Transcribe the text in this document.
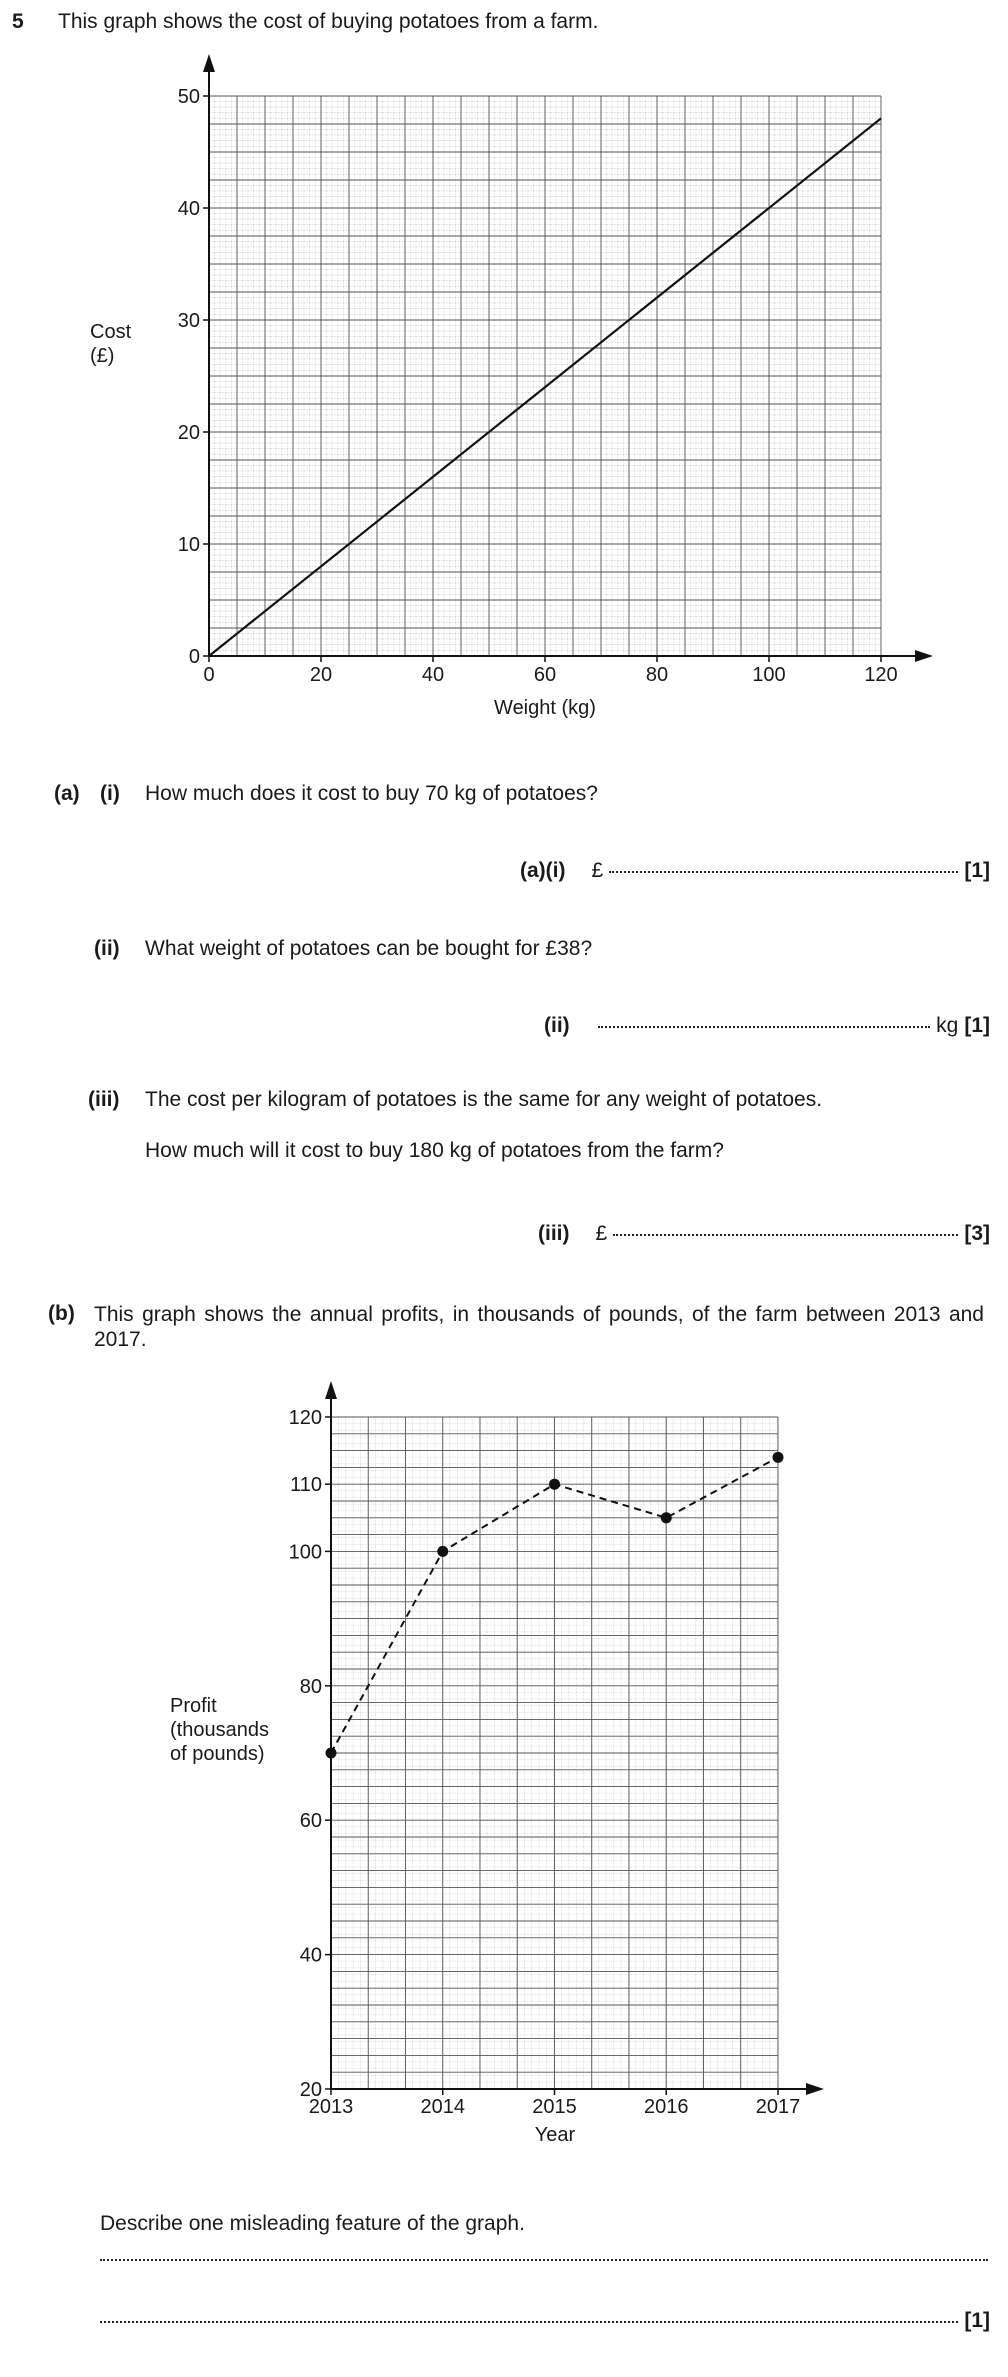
5 This graph shows the cost of buying potatoes from a farm.
0	20	40	60	80	100	120
0
10
20
30
40
50
Weight (kg)
Cost
(£)
(a) (i) How much does it cost to buy 70 kg of potatoes?
(a)(i) £	[1]
(ii) What weight of potatoes can be bought for £38?
(ii)	kg [1]
(iii) The cost per kilogram of potatoes is the same for any weight of potatoes.
How much will it cost to buy 180 kg of potatoes from the farm?
(iii) £	[3]
(b) This graph shows the annual profits, in thousands of pounds, of the farm between 2013 and 2017.
2013	2014	2015	2016	2017
20
40
60
80
100
110
120
Year
Profit
(thousands
of pounds)
Describe one misleading feature of the graph.
[1]
